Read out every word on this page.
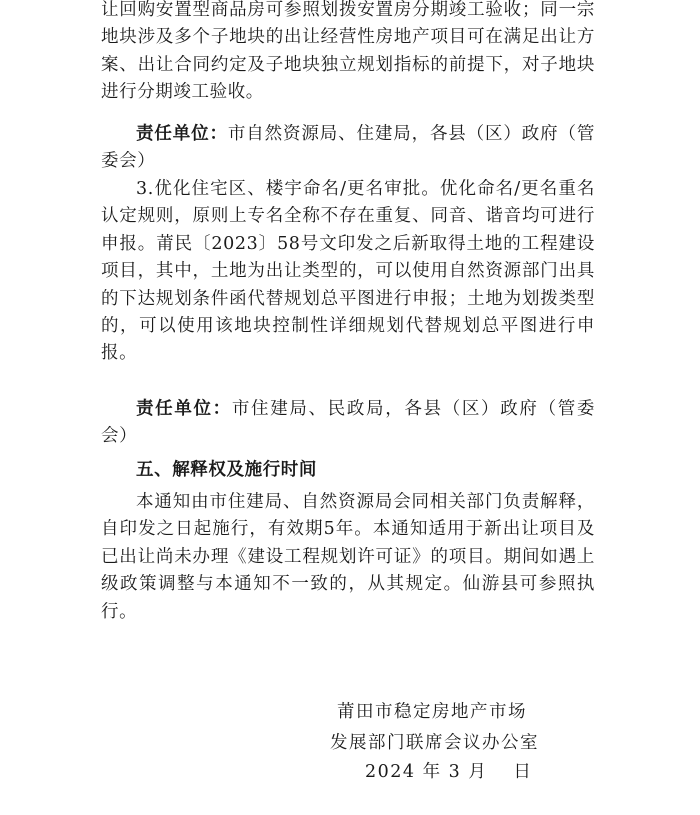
让回购安置型商品房可参照划拨安置房分期竣工验收；同一宗地块涉及多个子地块的出让经营性房地产项目可在满足出让方案、出让合同约定及子地块独立规划指标的前提下，对子地块进行分期竣工验收。

责任单位：市自然资源局、住建局，各县（区）政府（管委会）

3.优化住宅区、楼宇命名/更名审批。优化命名/更名重名认定规则，原则上专名全称不存在重复、同音、谐音均可进行申报。莆民〔2023〕58号文印发之后新取得土地的工程建设项目，其中，土地为出让类型的，可以使用自然资源部门出具的下达规划条件函代替规划总平图进行申报；土地为划拨类型的，可以使用该地块控制性详细规划代替规划总平图进行申报。

责任单位：市住建局、民政局，各县（区）政府（管委会）

五、解释权及施行时间

本通知由市住建局、自然资源局会同相关部门负责解释，自印发之日起施行，有效期5年。本通知适用于新出让项目及已出让尚未办理《建设工程规划许可证》的项目。期间如遇上级政策调整与本通知不一致的，从其规定。仙游县可参照执行。

莆田市稳定房地产市场

发展部门联席会议办公室

2024 年 3 月　 日
